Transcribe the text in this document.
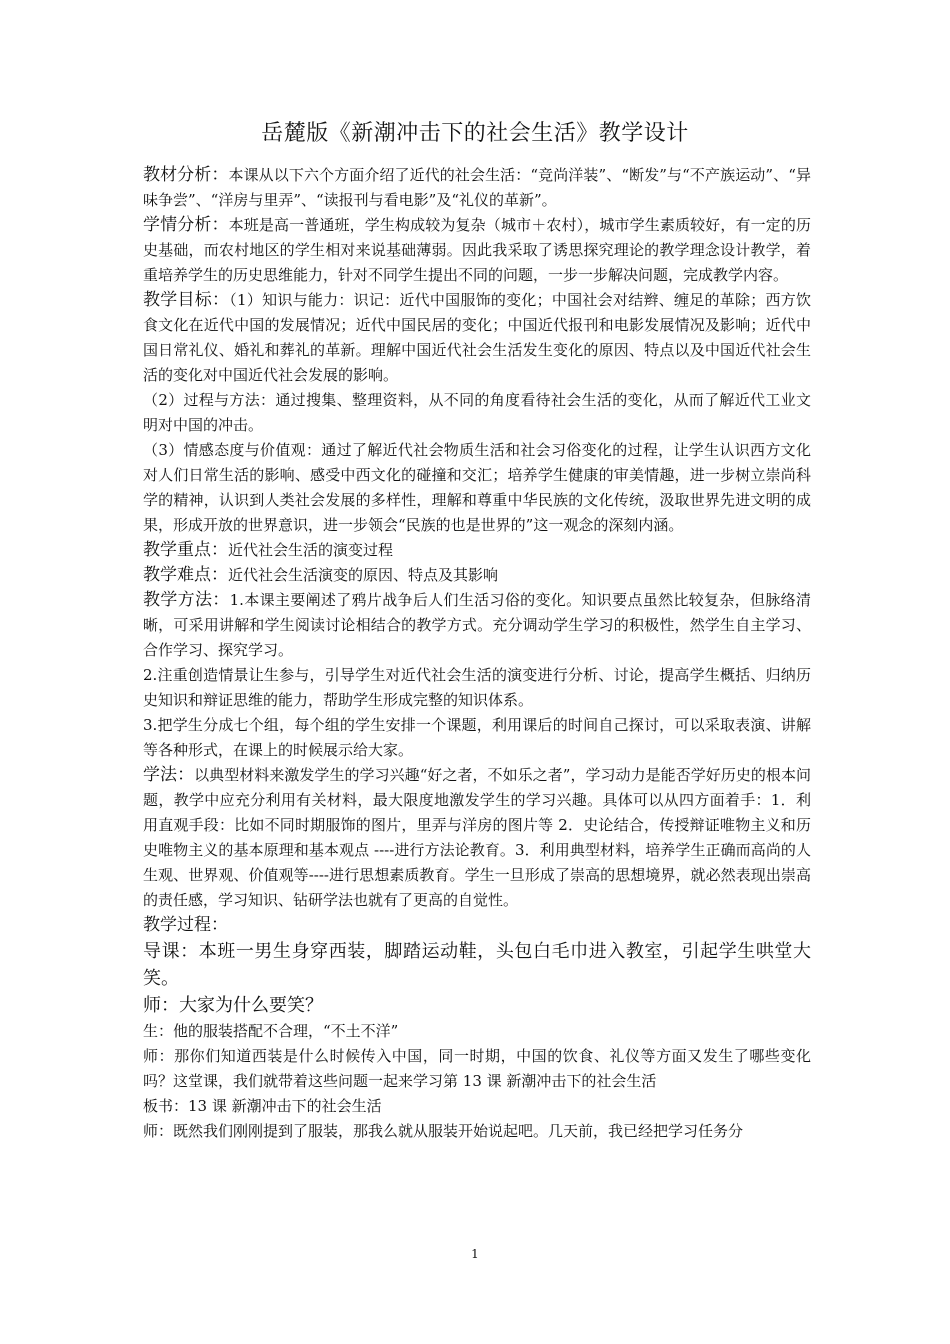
岳麓版《新潮冲击下的社会生活》教学设计

教材分析：本课从以下六个方面介绍了近代的社会生活：“竞尚洋装”、“断发”与“不产族运动”、“异味争尝”、“洋房与里弄”、“读报刊与看电影”及“礼仪的革新”。

学情分析：本班是高一普通班，学生构成较为复杂（城市＋农村），城市学生素质较好，有一定的历史基础，而农村地区的学生相对来说基础薄弱。因此我采取了诱思探究理论的教学理念设计教学，着重培养学生的历史思维能力，针对不同学生提出不同的问题，一步一步解决问题，完成教学内容。

教学目标：（1）知识与能力：识记：近代中国服饰的变化；中国社会对结辫、缠足的革除；西方饮食文化在近代中国的发展情况；近代中国民居的变化；中国近代报刊和电影发展情况及影响；近代中国日常礼仪、婚礼和葬礼的革新。理解中国近代社会生活发生变化的原因、特点以及中国近代社会生活的变化对中国近代社会发展的影响。

（2）过程与方法：通过搜集、整理资料，从不同的角度看待社会生活的变化，从而了解近代工业文明对中国的冲击。

（3）情感态度与价值观：通过了解近代社会物质生活和社会习俗变化的过程，让学生认识西方文化对人们日常生活的影响、感受中西文化的碰撞和交汇；培养学生健康的审美情趣，进一步树立崇尚科学的精神，认识到人类社会发展的多样性，理解和尊重中华民族的文化传统，汲取世界先进文明的成果，形成开放的世界意识，进一步领会“民族的也是世界的”这一观念的深刻内涵。

教学重点：近代社会生活的演变过程

教学难点：近代社会生活演变的原因、特点及其影响

教学方法：1.本课主要阐述了鸦片战争后人们生活习俗的变化。知识要点虽然比较复杂，但脉络清晰，可采用讲解和学生阅读讨论相结合的教学方式。充分调动学生学习的积极性，然学生自主学习、合作学习、探究学习。

2.注重创造情景让生参与，引导学生对近代社会生活的演变进行分析、讨论，提高学生概括、归纳历史知识和辩证思维的能力，帮助学生形成完整的知识体系。

3.把学生分成七个组，每个组的学生安排一个课题，利用课后的时间自己探讨，可以采取表演、讲解等各种形式，在课上的时候展示给大家。

学法：以典型材料来激发学生的学习兴趣“好之者，不如乐之者”，学习动力是能否学好历史的根本问题，教学中应充分利用有关材料，最大限度地激发学生的学习兴趣。具体可以从四方面着手：1．利用直观手段：比如不同时期服饰的图片，里弄与洋房的图片等 2．史论结合，传授辩证唯物主义和历史唯物主义的基本原理和基本观点 ----进行方法论教育。3．利用典型材料，培养学生正确而高尚的人生观、世界观、价值观等----进行思想素质教育。学生一旦形成了崇高的思想境界，就必然表现出崇高的责任感，学习知识、钻研学法也就有了更高的自觉性。

教学过程：

导课：本班一男生身穿西装，脚踏运动鞋，头包白毛巾进入教室，引起学生哄堂大笑。

师：大家为什么要笑？

生：他的服装搭配不合理，“不土不洋”

师：那你们知道西装是什么时候传入中国，同一时期，中国的饮食、礼仪等方面又发生了哪些变化吗？这堂课，我们就带着这些问题一起来学习第 13 课 新潮冲击下的社会生活

板书：13 课 新潮冲击下的社会生活

师：既然我们刚刚提到了服装，那我么就从服装开始说起吧。几天前，我已经把学习任务分

1
